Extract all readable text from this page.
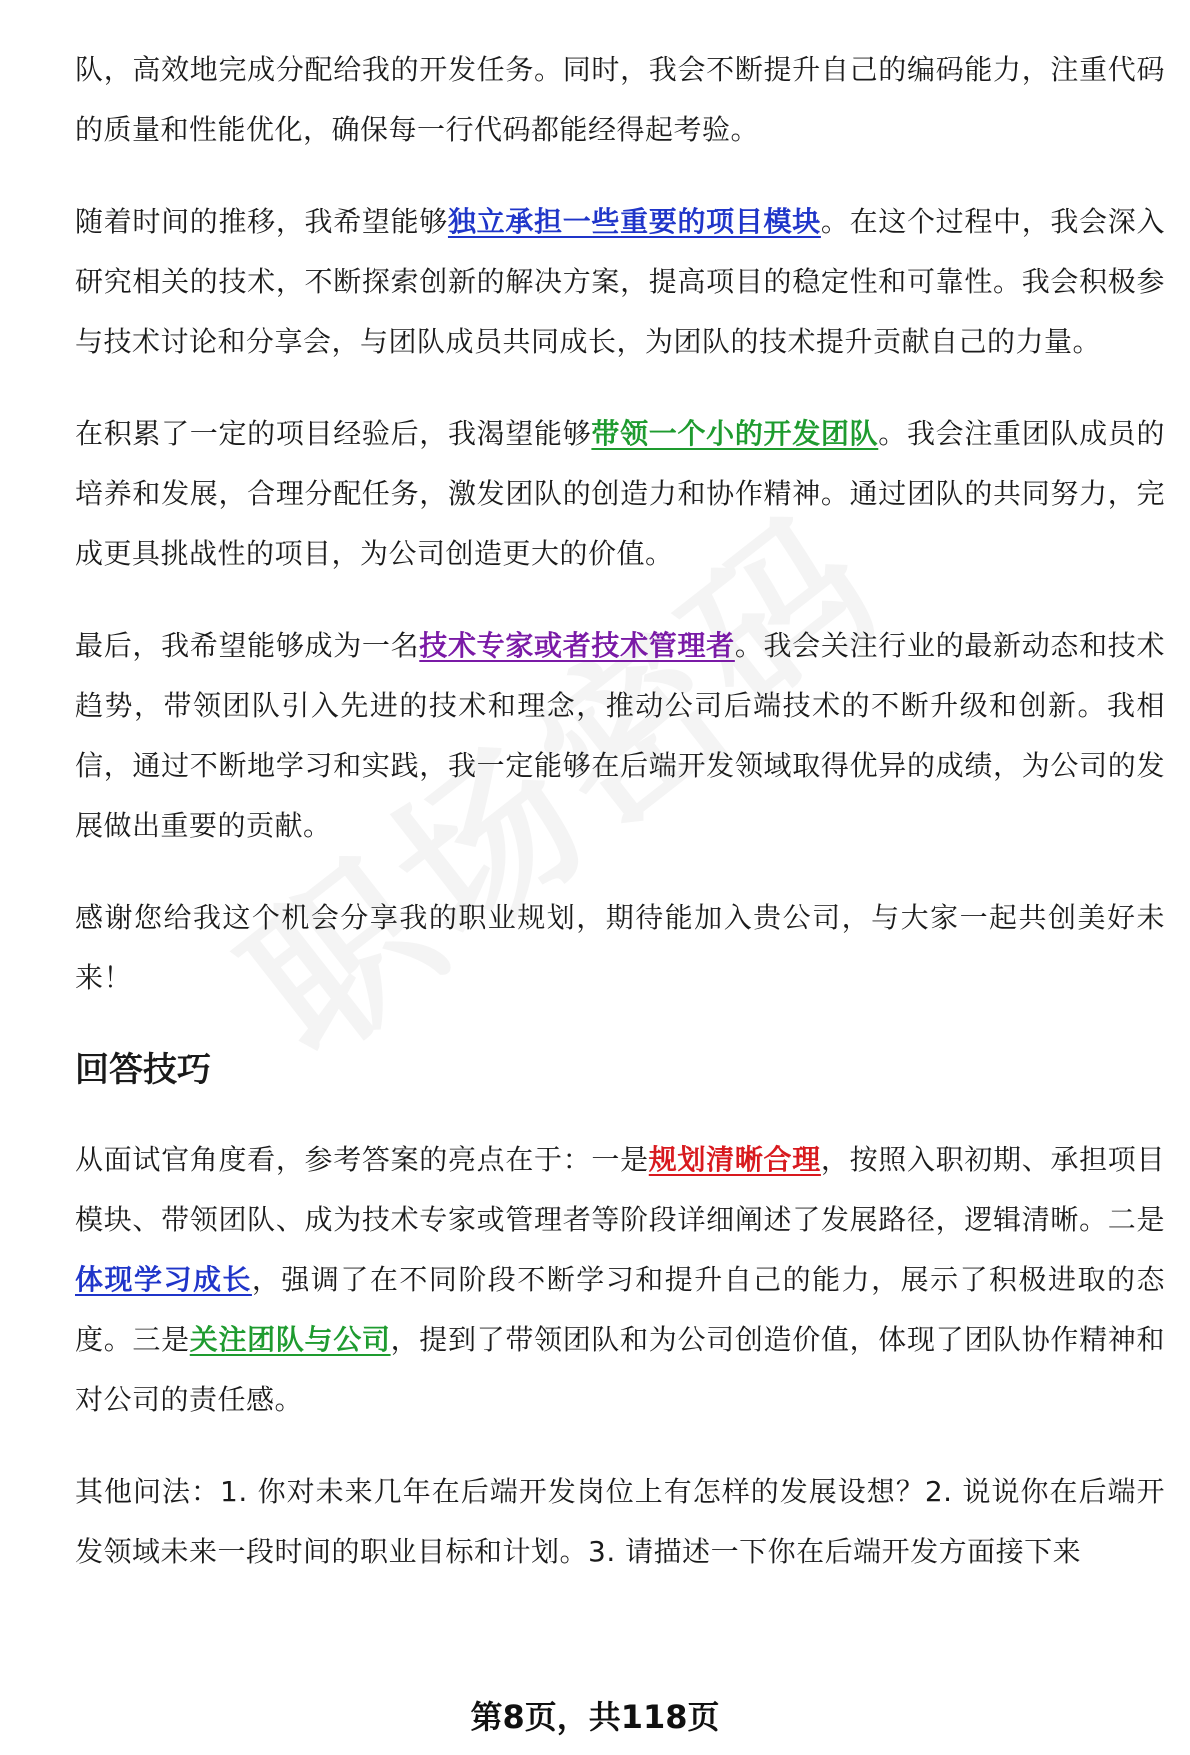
队，高效地完成分配给我的开发任务。同时，我会不断提升自己的编码能力，注重代码的质量和性能优化，确保每一行代码都能经得起考验。

随着时间的推移，我希望能够独立承担一些重要的项目模块。在这个过程中，我会深入研究相关的技术，不断探索创新的解决方案，提高项目的稳定性和可靠性。我会积极参与技术讨论和分享会，与团队成员共同成长，为团队的技术提升贡献自己的力量。

在积累了一定的项目经验后，我渴望能够带领一个小的开发团队。我会注重团队成员的培养和发展，合理分配任务，激发团队的创造力和协作精神。通过团队的共同努力，完成更具挑战性的项目，为公司创造更大的价值。

最后，我希望能够成为一名技术专家或者技术管理者。我会关注行业的最新动态和技术趋势，带领团队引入先进的技术和理念，推动公司后端技术的不断升级和创新。我相信，通过不断地学习和实践，我一定能够在后端开发领域取得优异的成绩，为公司的发展做出重要的贡献。

感谢您给我这个机会分享我的职业规划，期待能加入贵公司，与大家一起共创美好未来！

回答技巧

从面试官角度看，参考答案的亮点在于：一是规划清晰合理，按照入职初期、承担项目模块、带领团队、成为技术专家或管理者等阶段详细阐述了发展路径，逻辑清晰。二是体现学习成长，强调了在不同阶段不断学习和提升自己的能力，展示了积极进取的态度。三是关注团队与公司，提到了带领团队和为公司创造价值，体现了团队协作精神和对公司的责任感。

其他问法：1. 你对未来几年在后端开发岗位上有怎样的发展设想？2. 说说你在后端开发领域未来一段时间的职业目标和计划。3. 请描述一下你在后端开发方面接下来

第8页，共118页
